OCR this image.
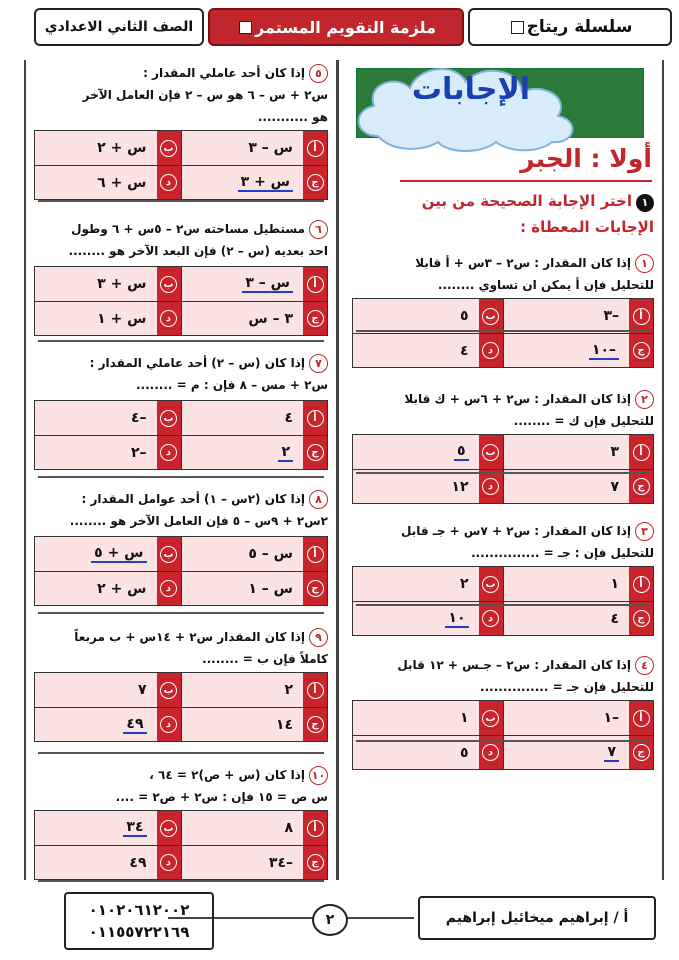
سلسلة ريتاج
ملزمة التقويم المستمر
الصف الثاني الاعدادي
الإجابات
أولا : الجبر
١اختر الإجابة الصحيحة من بين
الإجابات المعطاة :
١إذا كان المقدار : س٢ – ٣س + أ قابلا
للتحليل فإن أ يمكن ان تساوي ........
أ
–٣
ب
٥
ج
–١٠
د
٤
٢إذا كان المقدار : س٢ + ٦س + ك قابلا
للتحليل فإن ك = ........
أ
٣
ب
٥
ج
٧
د
١٢
٣إذا كان المقدار : س٢ + ٧س + جـ قابل
للتحليل فإن : جـ = ...............
أ
١
ب
٢
ج
٤
د
١٠
٤إذا كان المقدار : س٢ – جـس + ١٢ قابل
للتحليل فإن جـ = ...............
أ
–١
ب
١
ج
٧
د
٥
٥إذا كان أحد عاملي المقدار :
س٢ + س – ٦ هو س – ٢ فإن العامل الآخر
هو ...........
أ
س – ٣
ب
س + ٢
ج
س + ٣
د
س + ٦
٦مستطيل مساحته س٢ – ٥س + ٦ وطول
احد بعديه (س – ٢) فإن البعد الآخر هو ........
أ
س – ٣
ب
س + ٣
ج
٣ – س
د
س + ١
٧إذا كان (س – ٢) أحد عاملي المقدار :
س٢ + مس – ٨ فإن : م = ........
أ
٤
ب
–٤
ج
٢
د
–٢
٨إذا كان (٢س – ١) أحد عوامل المقدار :
٢س٢ + ٩س – ٥ فإن العامل الآخر هو ........
أ
س – ٥
ب
س + ٥
ج
س – ١
د
س + ٢
٩إذا كان المقدار س٢ + ١٤س + ب مربعاً
كاملاً فإن ب = ........
أ
٢
ب
٧
ج
١٤
د
٤٩
١٠إذا كان (س + ص)٢ = ٦٤ ،
س ص = ١٥ فإن : س٢ + ص٢ = ....
أ
٨
ب
٣٤
ج
–٣٤
د
٤٩
أ / إبراهيم ميخائيل إبراهيم
٢
٠١٠٢٠٦١٢٠٠٢
٠١١٥٥٧٢٢١٦٩
